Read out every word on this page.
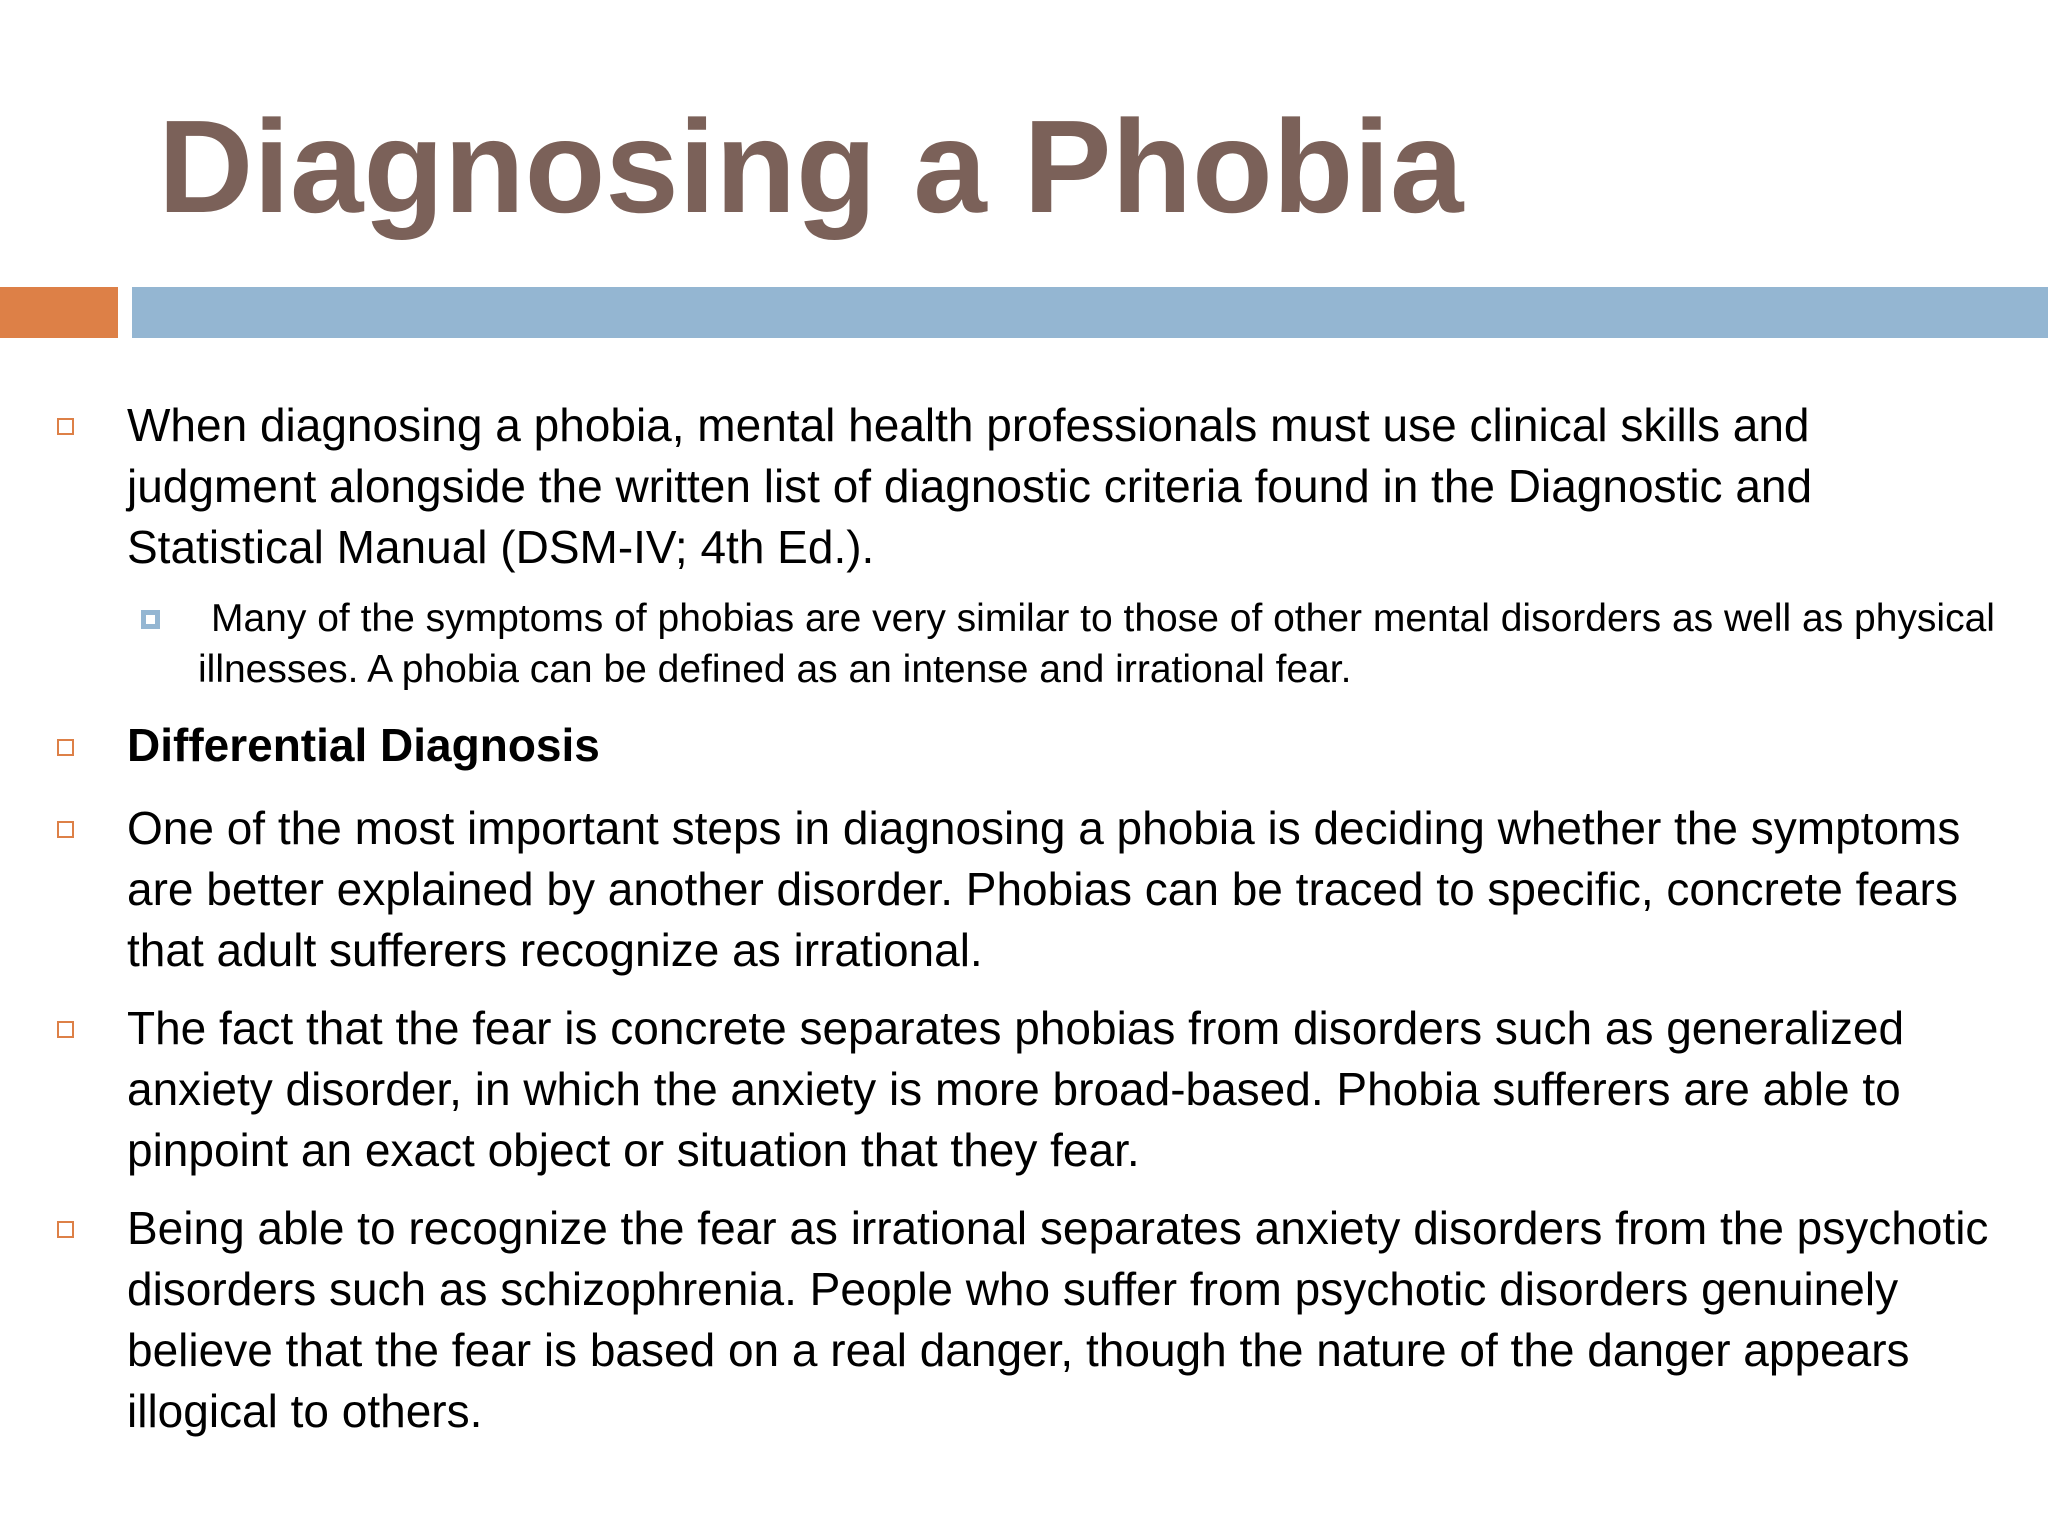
Diagnosing a Phobia
When diagnosing a phobia, mental health professionals must use clinical skills and judgment alongside the written list of diagnostic criteria found in the Diagnostic and Statistical Manual (DSM-IV; 4th Ed.).
Many of the symptoms of phobias are very similar to those of other mental disorders as well as physical illnesses. A phobia can be defined as an intense and irrational fear.
Differential Diagnosis
One of the most important steps in diagnosing a phobia is deciding whether the symptoms are better explained by another disorder. Phobias can be traced to specific, concrete fears that adult sufferers recognize as irrational.
The fact that the fear is concrete separates phobias from disorders such as generalized anxiety disorder, in which the anxiety is more broad-based. Phobia sufferers are able to pinpoint an exact object or situation that they fear.
Being able to recognize the fear as irrational separates anxiety disorders from the psychotic disorders such as schizophrenia. People who suffer from psychotic disorders genuinely believe that the fear is based on a real danger, though the nature of the danger appears illogical to others.
